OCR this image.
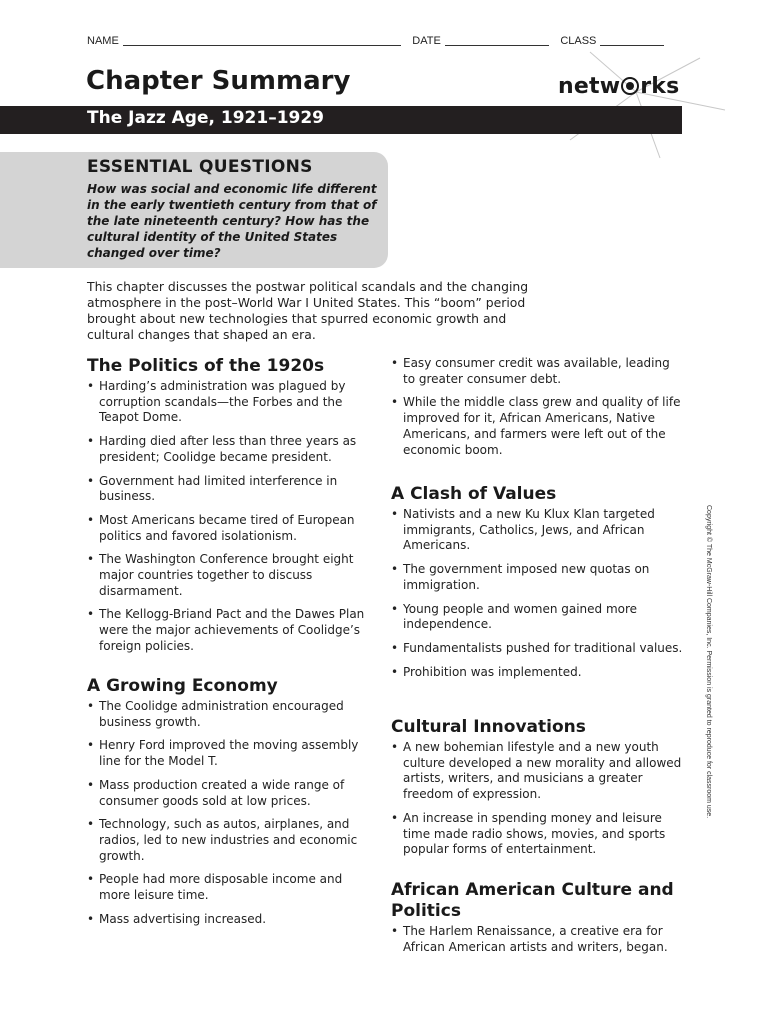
NAME	DATE	CLASS
Chapter Summary	netw rks
The Jazz Age, 1921–1929
ESSENTIAL QUESTIONS
How was social and economic life different in the early twentieth century from that of the late nineteenth century? How has the cultural identity of the United States changed over time?
This chapter discusses the postwar political scandals and the changing atmosphere in the post–World War I United States. This “boom” period brought about new technologies that spurred economic growth and cultural changes that shaped an era.
The Politics of the 1920s
• Harding’s administration was plagued by corruption scandals—the Forbes and the Teapot Dome.
• Harding died after less than three years as president; Coolidge became president.
• Government had limited interference in business.
• Most Americans became tired of European politics and favored isolationism.
• The Washington Conference brought eight major countries together to discuss disarmament.
• The Kellogg-Briand Pact and the Dawes Plan were the major achievements of Coolidge’s foreign policies.
A Growing Economy
• The Coolidge administration encouraged business growth.
• Henry Ford improved the moving assembly line for the Model T.
• Mass production created a wide range of consumer goods sold at low prices.
• Technology, such as autos, airplanes, and radios, led to new industries and economic growth.
• People had more disposable income and more leisure time.
• Mass advertising increased.
• Easy consumer credit was available, leading to greater consumer debt.
• While the middle class grew and quality of life improved for it, African Americans, Native Americans, and farmers were left out of the economic boom.
A Clash of Values
• Nativists and a new Ku Klux Klan targeted immigrants, Catholics, Jews, and African Americans.
• The government imposed new quotas on immigration.
• Young people and women gained more independence.
• Fundamentalists pushed for traditional values.
• Prohibition was implemented.
Cultural Innovations
• A new bohemian lifestyle and a new youth culture developed a new morality and allowed artists, writers, and musicians a greater freedom of expression.
• An increase in spending money and leisure time made radio shows, movies, and sports popular forms of entertainment.
African American Culture and Politics
• The Harlem Renaissance, a creative era for African American artists and writers, began.
Copyright © The McGraw-Hill Companies, Inc. Permission is granted to reproduce for classroom use.
